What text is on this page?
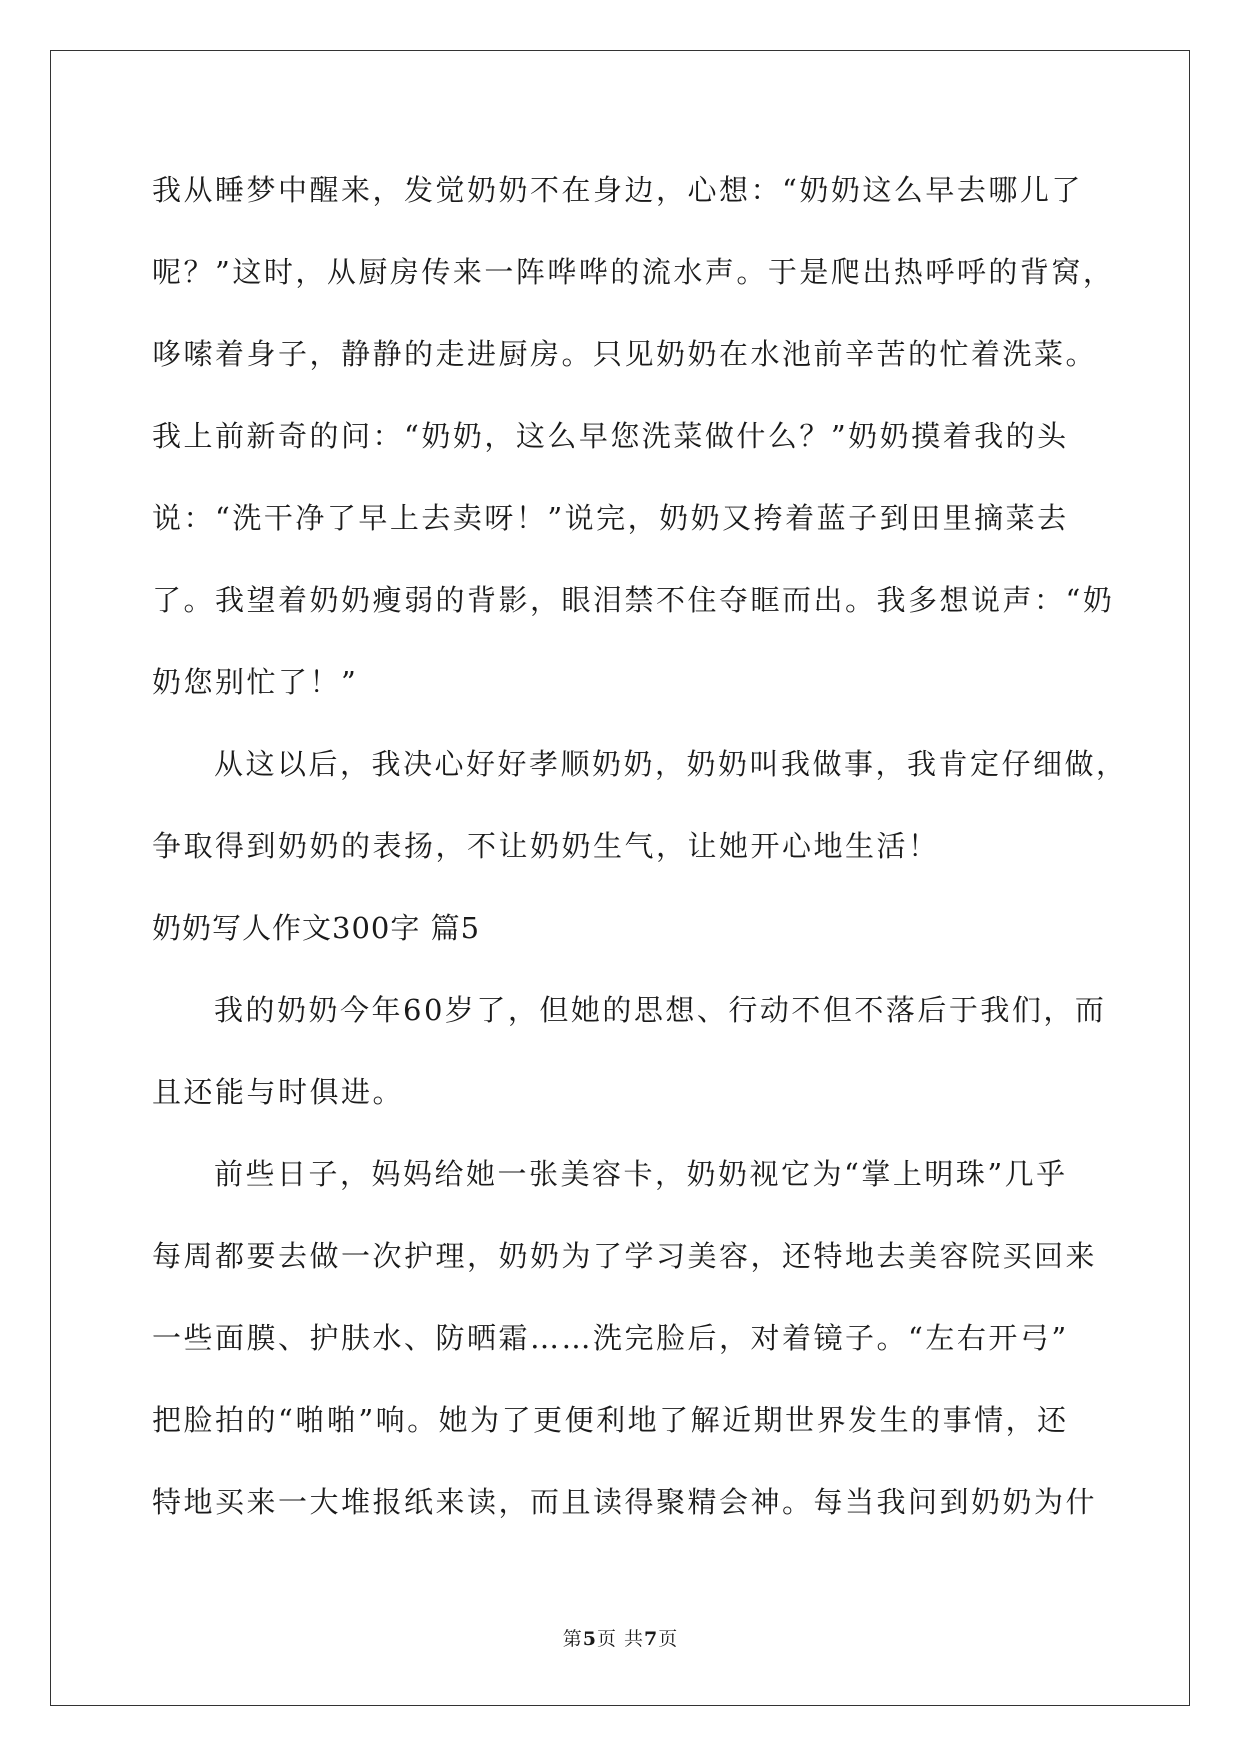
我从睡梦中醒来，发觉奶奶不在身边，心想：“奶奶这么早去哪儿了
呢？”这时，从厨房传来一阵哗哗的流水声。于是爬出热呼呼的背窝，
哆嗦着身子，静静的走进厨房。只见奶奶在水池前辛苦的忙着洗菜。
我上前新奇的问：“奶奶，这么早您洗菜做什么？”奶奶摸着我的头
说：“洗干净了早上去卖呀！”说完，奶奶又挎着蓝子到田里摘菜去
了。我望着奶奶瘦弱的背影，眼泪禁不住夺眶而出。我多想说声：“奶
奶您别忙了！”
从这以后，我决心好好孝顺奶奶，奶奶叫我做事，我肯定仔细做，
争取得到奶奶的表扬，不让奶奶生气，让她开心地生活！
奶奶写人作文300字 篇5
我的奶奶今年60岁了，但她的思想、行动不但不落后于我们，而
且还能与时俱进。
前些日子，妈妈给她一张美容卡，奶奶视它为“掌上明珠”几乎
每周都要去做一次护理，奶奶为了学习美容，还特地去美容院买回来
一些面膜、护肤水、防晒霜……洗完脸后，对着镜子。“左右开弓”
把脸拍的“啪啪”响。她为了更便利地了解近期世界发生的事情，还
特地买来一大堆报纸来读，而且读得聚精会神。每当我问到奶奶为什
第5页 共7页
